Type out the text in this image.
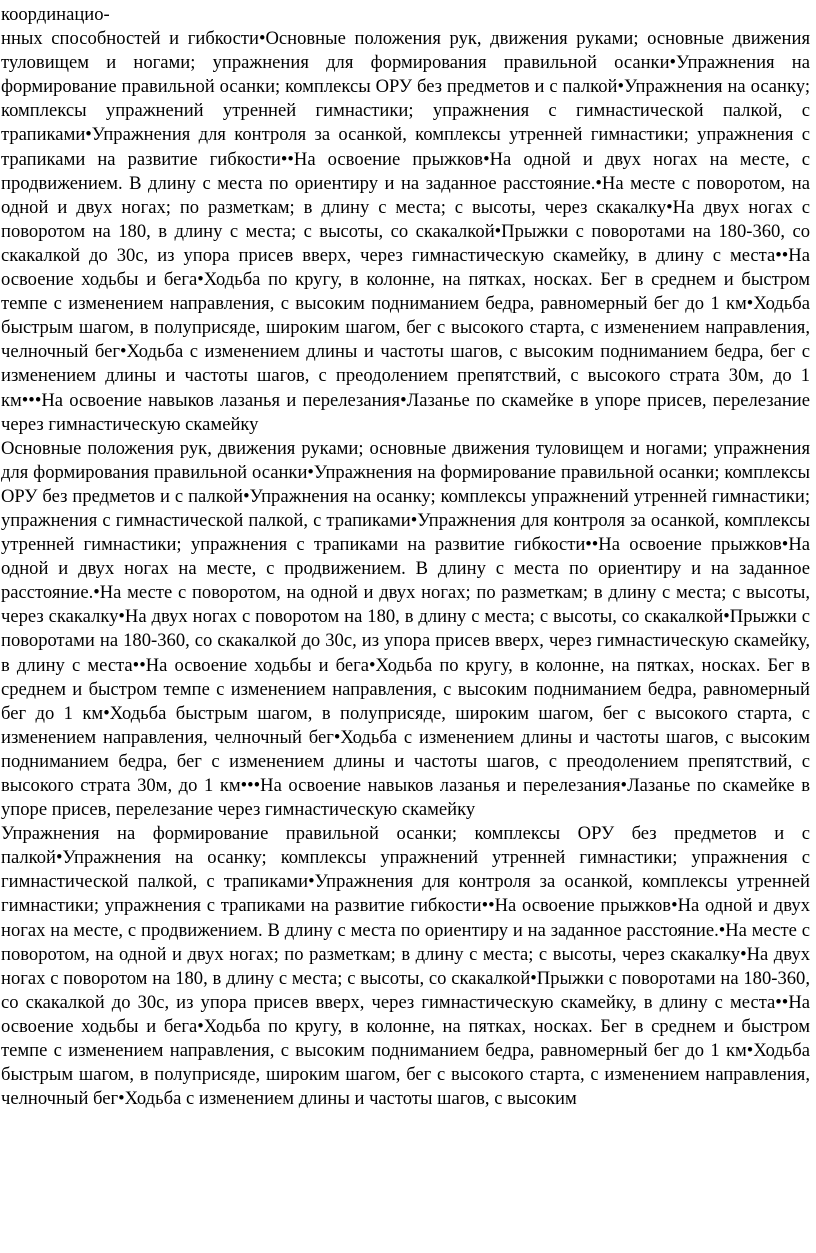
координацио-
нных способностей и гибкости•Основные положения рук, движения руками; основные движения туловищем и ногами; упражнения для формирования правильной осанки•Упражнения на формирование правильной осанки; комплексы ОРУ без предметов и с палкой•Упражнения на осанку; комплексы упражнений утренней гимнастики; упражнения с гимнастической палкой, с трапиками•Упражнения для контроля за осанкой, комплексы утренней гимнастики; упражнения с трапиками на развитие гибкости••На освоение прыжков•На одной и двух ногах на месте, с продвижением. В длину с места по ориентиру и на заданное расстояние.•На месте с поворотом, на одной и двух ногах; по разметкам; в длину с места; с высоты, через скакалку•На двух ногах с поворотом на 180, в длину с места; с высоты, со скакалкой•Прыжки с поворотами на 180-360, со скакалкой до 30с, из упора присев вверх, через гимнастическую скамейку, в длину с места••На освоение ходьбы и бега•Ходьба по кругу, в колонне, на пятках, носках. Бег в среднем и быстром темпе с изменением направления, с высоким подниманием бедра, равномерный бег до 1 км•Ходьба быстрым шагом, в полуприсяде, широким шагом, бег с высокого старта, с изменением направления, челночный бег•Ходьба с изменением длины и частоты шагов, с высоким подниманием бедра, бег с изменением длины и частоты шагов, с преодолением препятствий, с высокого страта 30м, до 1 км•••На освоение навыков лазанья и перелезания•Лазанье по скамейке в упоре присев, перелезание через гимнастическую скамейку

Основные положения рук, движения руками; основные движения туловищем и ногами; упражнения для формирования правильной осанки•Упражнения на формирование правильной осанки; комплексы ОРУ без предметов и с палкой•Упражнения на осанку; комплексы упражнений утренней гимнастики; упражнения с гимнастической палкой, с трапиками•Упражнения для контроля за осанкой, комплексы утренней гимнастики; упражнения с трапиками на развитие гибкости••На освоение прыжков•На одной и двух ногах на месте, с продвижением. В длину с места по ориентиру и на заданное расстояние.•На месте с поворотом, на одной и двух ногах; по разметкам; в длину с места; с высоты, через скакалку•На двух ногах с поворотом на 180, в длину с места; с высоты, со скакалкой•Прыжки с поворотами на 180-360, со скакалкой до 30с, из упора присев вверх, через гимнастическую скамейку, в длину с места••На освоение ходьбы и бега•Ходьба по кругу, в колонне, на пятках, носках. Бег в среднем и быстром темпе с изменением направления, с высоким подниманием бедра, равномерный бег до 1 км•Ходьба быстрым шагом, в полуприсяде, широким шагом, бег с высокого старта, с изменением направления, челночный бег•Ходьба с изменением длины и частоты шагов, с высоким подниманием бедра, бег с изменением длины и частоты шагов, с преодолением препятствий, с высокого страта 30м, до 1 км•••На освоение навыков лазанья и перелезания•Лазанье по скамейке в упоре присев, перелезание через гимнастическую скамейку

Упражнения на формирование правильной осанки; комплексы ОРУ без предметов и с палкой•Упражнения на осанку; комплексы упражнений утренней гимнастики; упражнения с гимнастической палкой, с трапиками•Упражнения для контроля за осанкой, комплексы утренней гимнастики; упражнения с трапиками на развитие гибкости••На освоение прыжков•На одной и двух ногах на месте, с продвижением. В длину с места по ориентиру и на заданное расстояние.•На месте с поворотом, на одной и двух ногах; по разметкам; в длину с места; с высоты, через скакалку•На двух ногах с поворотом на 180, в длину с места; с высоты, со скакалкой•Прыжки с поворотами на 180-360, со скакалкой до 30с, из упора присев вверх, через гимнастическую скамейку, в длину с места••На освоение ходьбы и бега•Ходьба по кругу, в колонне, на пятках, носках. Бег в среднем и быстром темпе с изменением направления, с высоким подниманием бедра, равномерный бег до 1 км•Ходьба быстрым шагом, в полуприсяде, широким шагом, бег с высокого старта, с изменением направления, челночный бег•Ходьба с изменением длины и частоты шагов, с высоким
